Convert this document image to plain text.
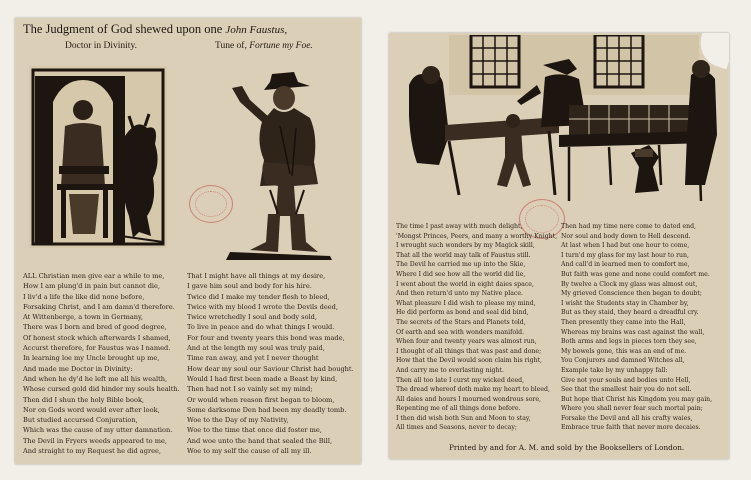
The Judgment of God shewed upon one John Faustus,
Doctor in Divinity.	Tune of, Fortune my Foe.
ALL Christian men give ear a while to me,
How I am plung'd in pain but cannot die,
I liv'd a life the like did none before,
Forsaking Christ, and I am damn'd therefore.
At Wittenberge, a town in Germany,
There was I born and bred of good degree,
Of honest stock which afterwards I shamed,
Accurst therefore, for Faustus was I named.
In learning loe my Uncle brought up me,
And made me Doctor in Divinity:
And when he dy'd he left me all his wealth,
Whose cursed gold did hinder my souls health.
Then did I shun the holy Bible book,
Nor on Gods word would ever after look,
But studied accursed Conjuration,
Which was the cause of my utter damnation.
The Devil in Fryers weeds appeared to me,
And straight to my Request he did agree,
That I might have all things at my desire,
I gave him soul and body for his hire.
Twice did I make my tender flesh to bleed,
Twice with my blood I wrote the Devils deed,
Twice wretchedly I soul and body sold,
To live in peace and do what things I would.
For four and twenty years this bond was made,
And at the length my soul was truly paid,
Time ran away, and yet I never thought
How dear my soul our Saviour Christ had bought.
Would I had first been made a Beast by kind,
Then had not I so vainly set my mind;
Or would when reason first began to bloom,
Some darksome Den had been my deadly tomb.
Woe to the Day of my Nativity,
Woe to the time that once did foster me,
And woe unto the hand that sealed the Bill,
Woe to my self the cause of all my ill.
The time I past away with much delight,
'Mongst Princes, Peers, and many a worthy Knight,
I wrought such wonders by my Magick skill,
That all the world may talk of Faustus still.
The Devil he carried me up into the Skie,
Where I did see how all the world did lie,
I went about the world in eight daies space,
And then return'd unto my Native place.
What pleasure I did wish to please my mind,
He did perform as bond and seal did bind,
The secrets of the Stars and Planets told,
Of earth and sea with wonders manifold.
When four and twenty years was almost run,
I thought of all things that was past and done;
How that the Devil would soon claim his right,
And carry me to everlasting night.
Then all too late I curst my wicked deed,
The dread whereof doth make my heart to bleed,
All daies and hours I mourned wondrous sore,
Repenting me of all things done before.
I then did wish both Sun and Moon to stay,
All times and Seasons, never to decay;
Then had my time nere come to dated end,
Nor soul and body down to Hell descend.
At last when I had but one hour to come,
I turn'd my glass for my last hour to run,
And call'd in learned men to comfort me,
But faith was gone and none could comfort me.
By twelve a Clock my glass was almost out,
My grieved Conscience then began to doubt;
I wisht the Students stay in Chamber by,
But as they staid, they heard a dreadful cry.
Then presently they came into the Hall,
Whereas my brains was cast against the wall,
Both arms and legs in pieces torn they see,
My bowels gone, this was an end of me.
You Conjurors and damned Witches all,
Example take by my unhappy fall:
Give not your souls and bodies unto Hell,
See that the smallest hair you do not sell.
But hope that Christ his Kingdom you may gain,
Where you shall never fear such mortal pain;
Forsake the Devil and all his crafty waies,
Embrace true faith that never more decaies.
Printed by and for A. M. and sold by the Booksellers of London.
